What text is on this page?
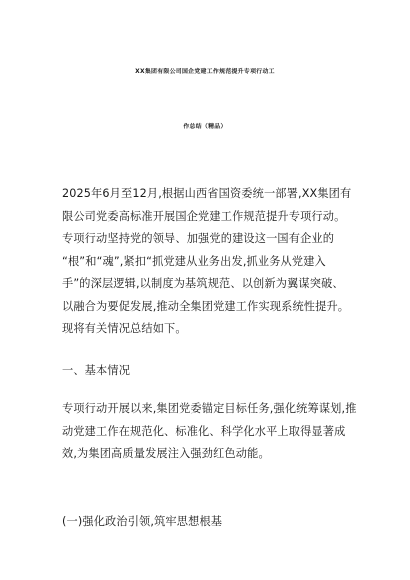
XX集团有限公司国企党建工作规范提升专项行动工
作总结（精品）
2025年6月至12月,根据山西省国资委统一部署,XX集团有
限公司党委高标准开展国企党建工作规范提升专项行动。
专项行动坚持党的领导、加强党的建设这一国有企业的
“根”和“魂”,紧扣“抓党建从业务出发,抓业务从党建入
手”的深层逻辑,以制度为基筑规范、以创新为翼谋突破、
以融合为要促发展,推动全集团党建工作实现系统性提升。
现将有关情况总结如下。
一、基本情况
专项行动开展以来,集团党委锚定目标任务,强化统筹谋划,推
动党建工作在规范化、标准化、科学化水平上取得显著成
效,为集团高质量发展注入强劲红色动能。
(一)强化政治引领,筑牢思想根基
